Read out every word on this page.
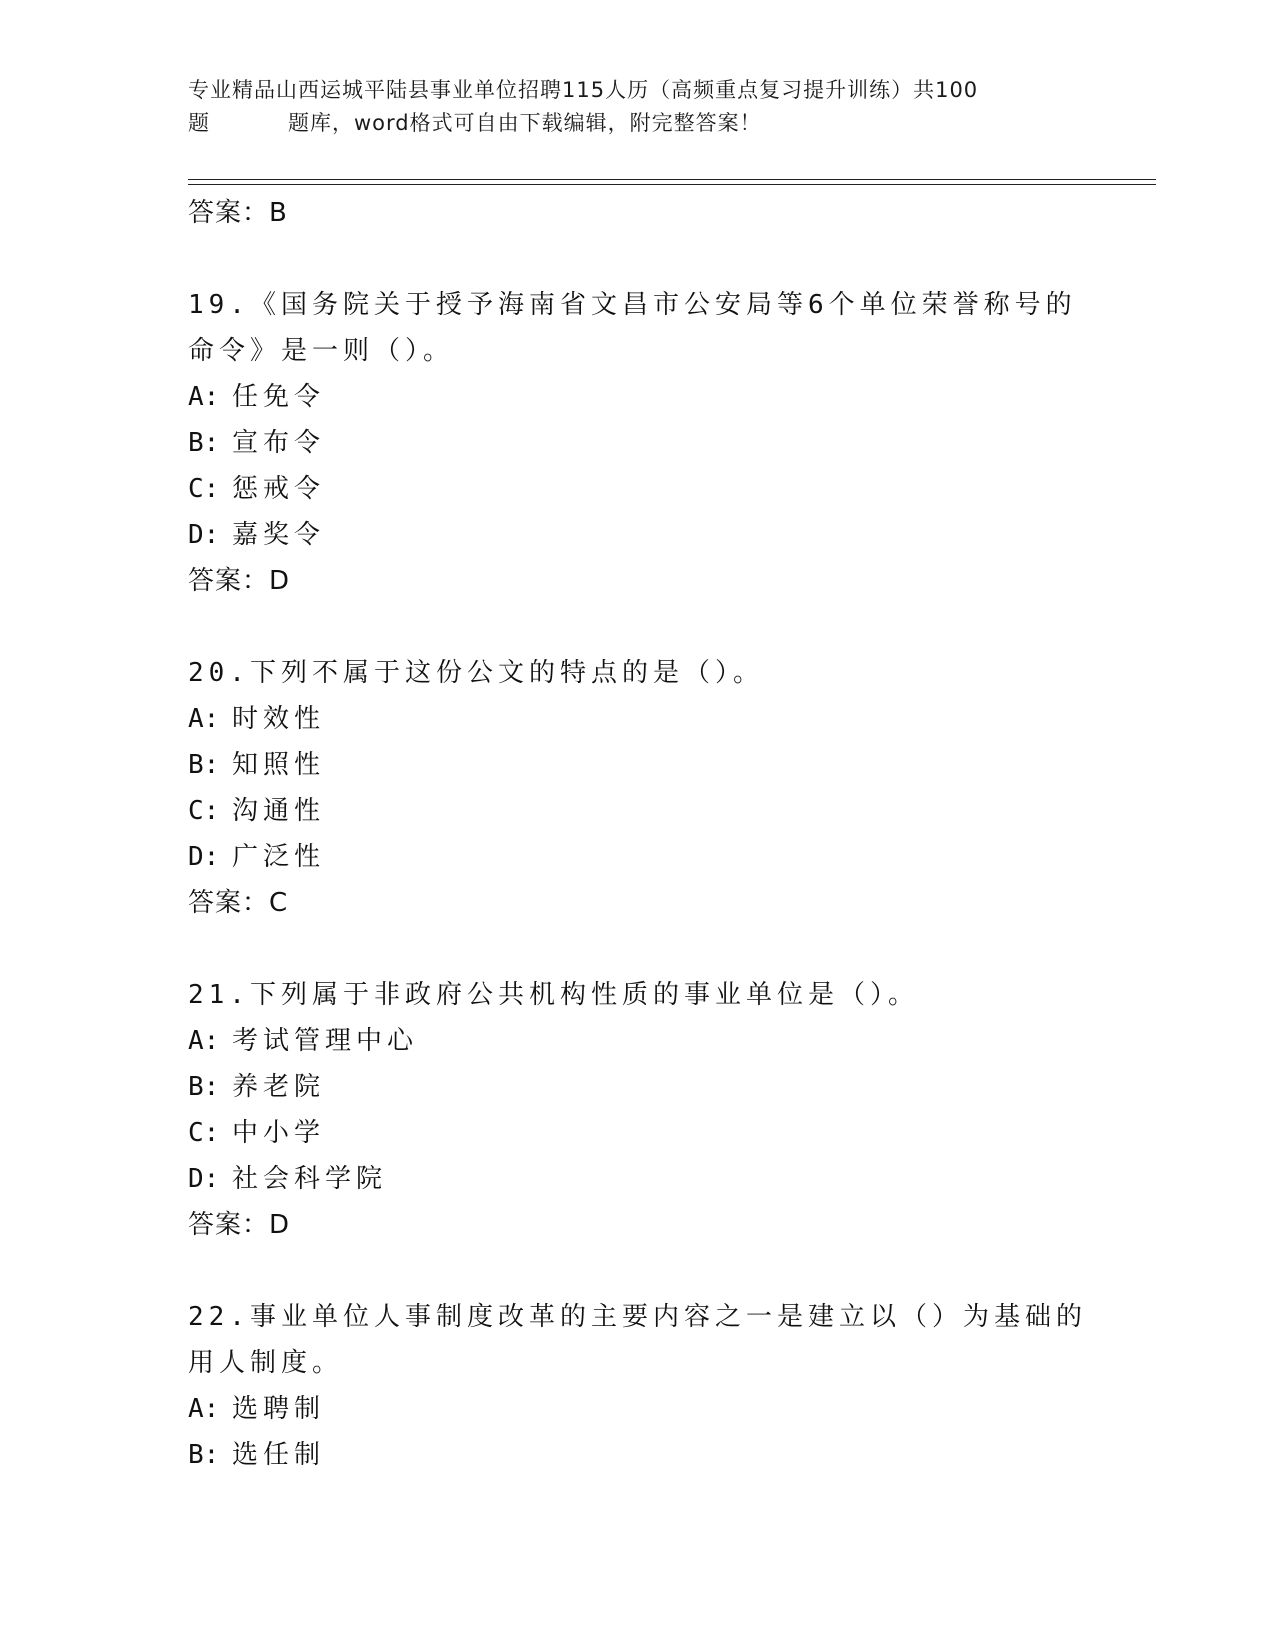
专业精品山西运城平陆县事业单位招聘115人历（高频重点复习提升训练）共100
题	题库，word格式可自由下载编辑，附完整答案！
答案：B
19.《国务院关于授予海南省文昌市公安局等6个单位荣誉称号的命令》是一则（）。
A: 任免令
B: 宣布令
C: 惩戒令
D: 嘉奖令
答案：D
20.下列不属于这份公文的特点的是（）。
A: 时效性
B: 知照性
C: 沟通性
D: 广泛性
答案：C
21.下列属于非政府公共机构性质的事业单位是（）。
A: 考试管理中心
B: 养老院
C: 中小学
D: 社会科学院
答案：D
22.事业单位人事制度改革的主要内容之一是建立以（）为基础的用人制度。
A: 选聘制
B: 选任制
